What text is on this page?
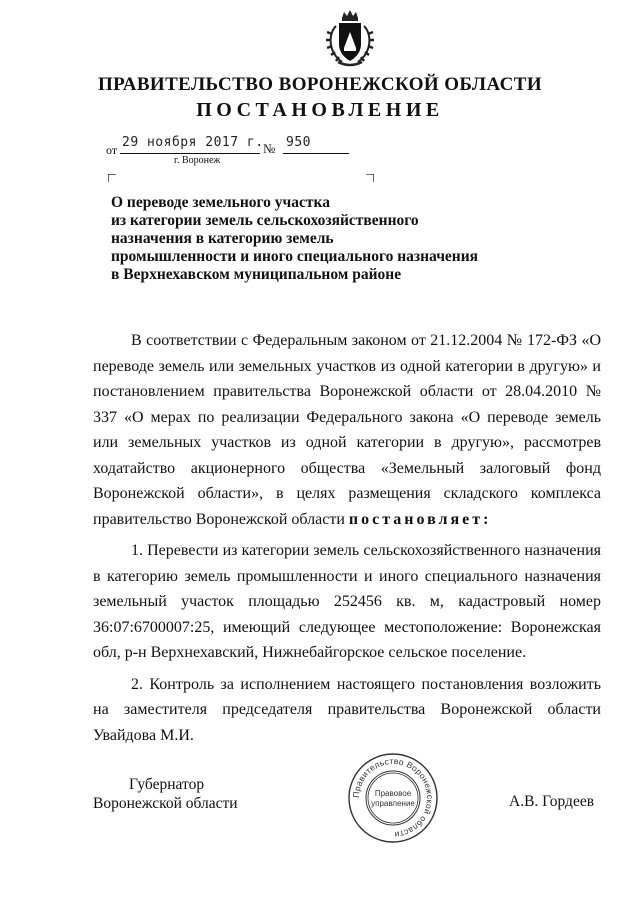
ПРАВИТЕЛЬСТВО ВОРОНЕЖСКОЙ ОБЛАСТИ
ПОСТАНОВЛЕНИЕ
от 29 ноября 2017 г. № 950
г. Воронеж
О переводе земельного участка
из категории земель сельскохозяйственного
назначения в категорию земель
промышленности и иного специального назначения
в Верхнехавском муниципальном районе

В соответствии с Федеральным законом от 21.12.2004 № 172-ФЗ «О переводе земель или земельных участков из одной категории в другую» и постановлением правительства Воронежской области от 28.04.2010 № 337 «О мерах по реализации Федерального закона «О переводе земель или земельных участков из одной категории в другую», рассмотрев ходатайство акционерного общества «Земельный залоговый фонд Воронежской области», в целях размещения складского комплекса правительство Воронежской области постановляет:

1. Перевести из категории земель сельскохозяйственного назначения в категорию земель промышленности и иного специального назначения земельный участок площадью 252456 кв. м, кадастровый номер 36:07:6700007:25, имеющий следующее местоположение: Воронежская обл, р-н Верхнехавский, Нижнебайгорское сельское поселение.

2. Контроль за исполнением настоящего постановления возложить на заместителя председателя правительства Воронежской области Увайдова М.И.

Губернатор
Воронежской области	А.В. Гордеев
Правительство Воронежской области
Правовое
управление
